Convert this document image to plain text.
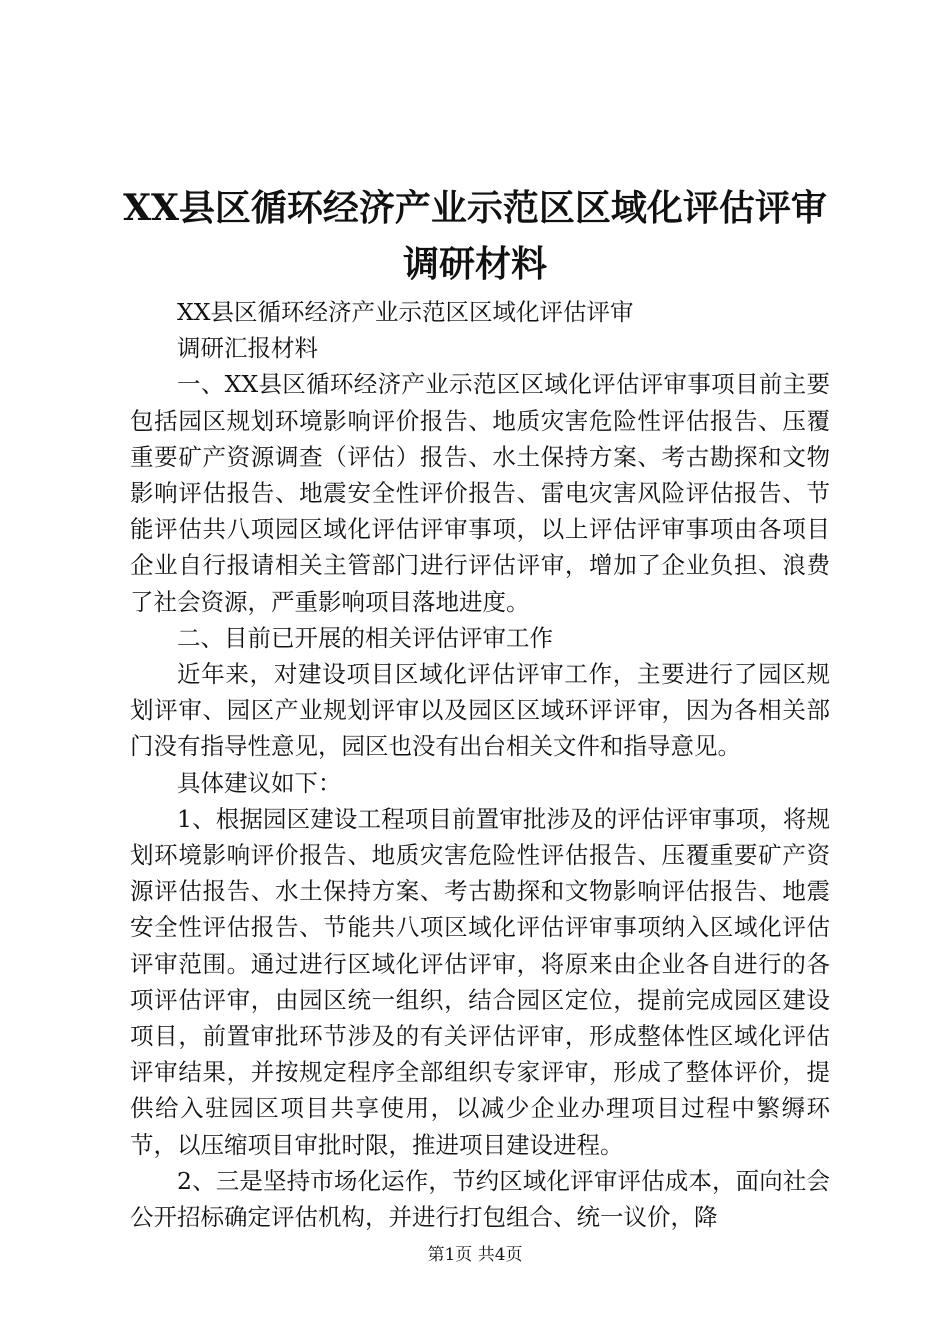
XX县区循环经济产业示范区区域化评估评审
调研材料

XX县区循环经济产业示范区区域化评估评审

调研汇报材料

一、XX县区循环经济产业示范区区域化评估评审事项目前主要包括园区规划环境影响评价报告、地质灾害危险性评估报告、压覆重要矿产资源调查（评估）报告、水土保持方案、考古勘探和文物影响评估报告、地震安全性评价报告、雷电灾害风险评估报告、节能评估共八项园区域化评估评审事项，以上评估评审事项由各项目企业自行报请相关主管部门进行评估评审，增加了企业负担、浪费了社会资源，严重影响项目落地进度。

二、目前已开展的相关评估评审工作

近年来，对建设项目区域化评估评审工作，主要进行了园区规划评审、园区产业规划评审以及园区区域环评评审，因为各相关部门没有指导性意见，园区也没有出台相关文件和指导意见。

具体建议如下：

1、根据园区建设工程项目前置审批涉及的评估评审事项，将规划环境影响评价报告、地质灾害危险性评估报告、压覆重要矿产资源评估报告、水土保持方案、考古勘探和文物影响评估报告、地震安全性评估报告、节能共八项区域化评估评审事项纳入区域化评估评审范围。通过进行区域化评估评审，将原来由企业各自进行的各项评估评审，由园区统一组织，结合园区定位，提前完成园区建设项目，前置审批环节涉及的有关评估评审，形成整体性区域化评估评审结果，并按规定程序全部组织专家评审，形成了整体评价，提供给入驻园区项目共享使用，以减少企业办理项目过程中繁缛环节，以压缩项目审批时限，推进项目建设进程。

2、三是坚持市场化运作，节约区域化评审评估成本，面向社会公开招标确定评估机构，并进行打包组合、统一议价，降

第1页 共4页
